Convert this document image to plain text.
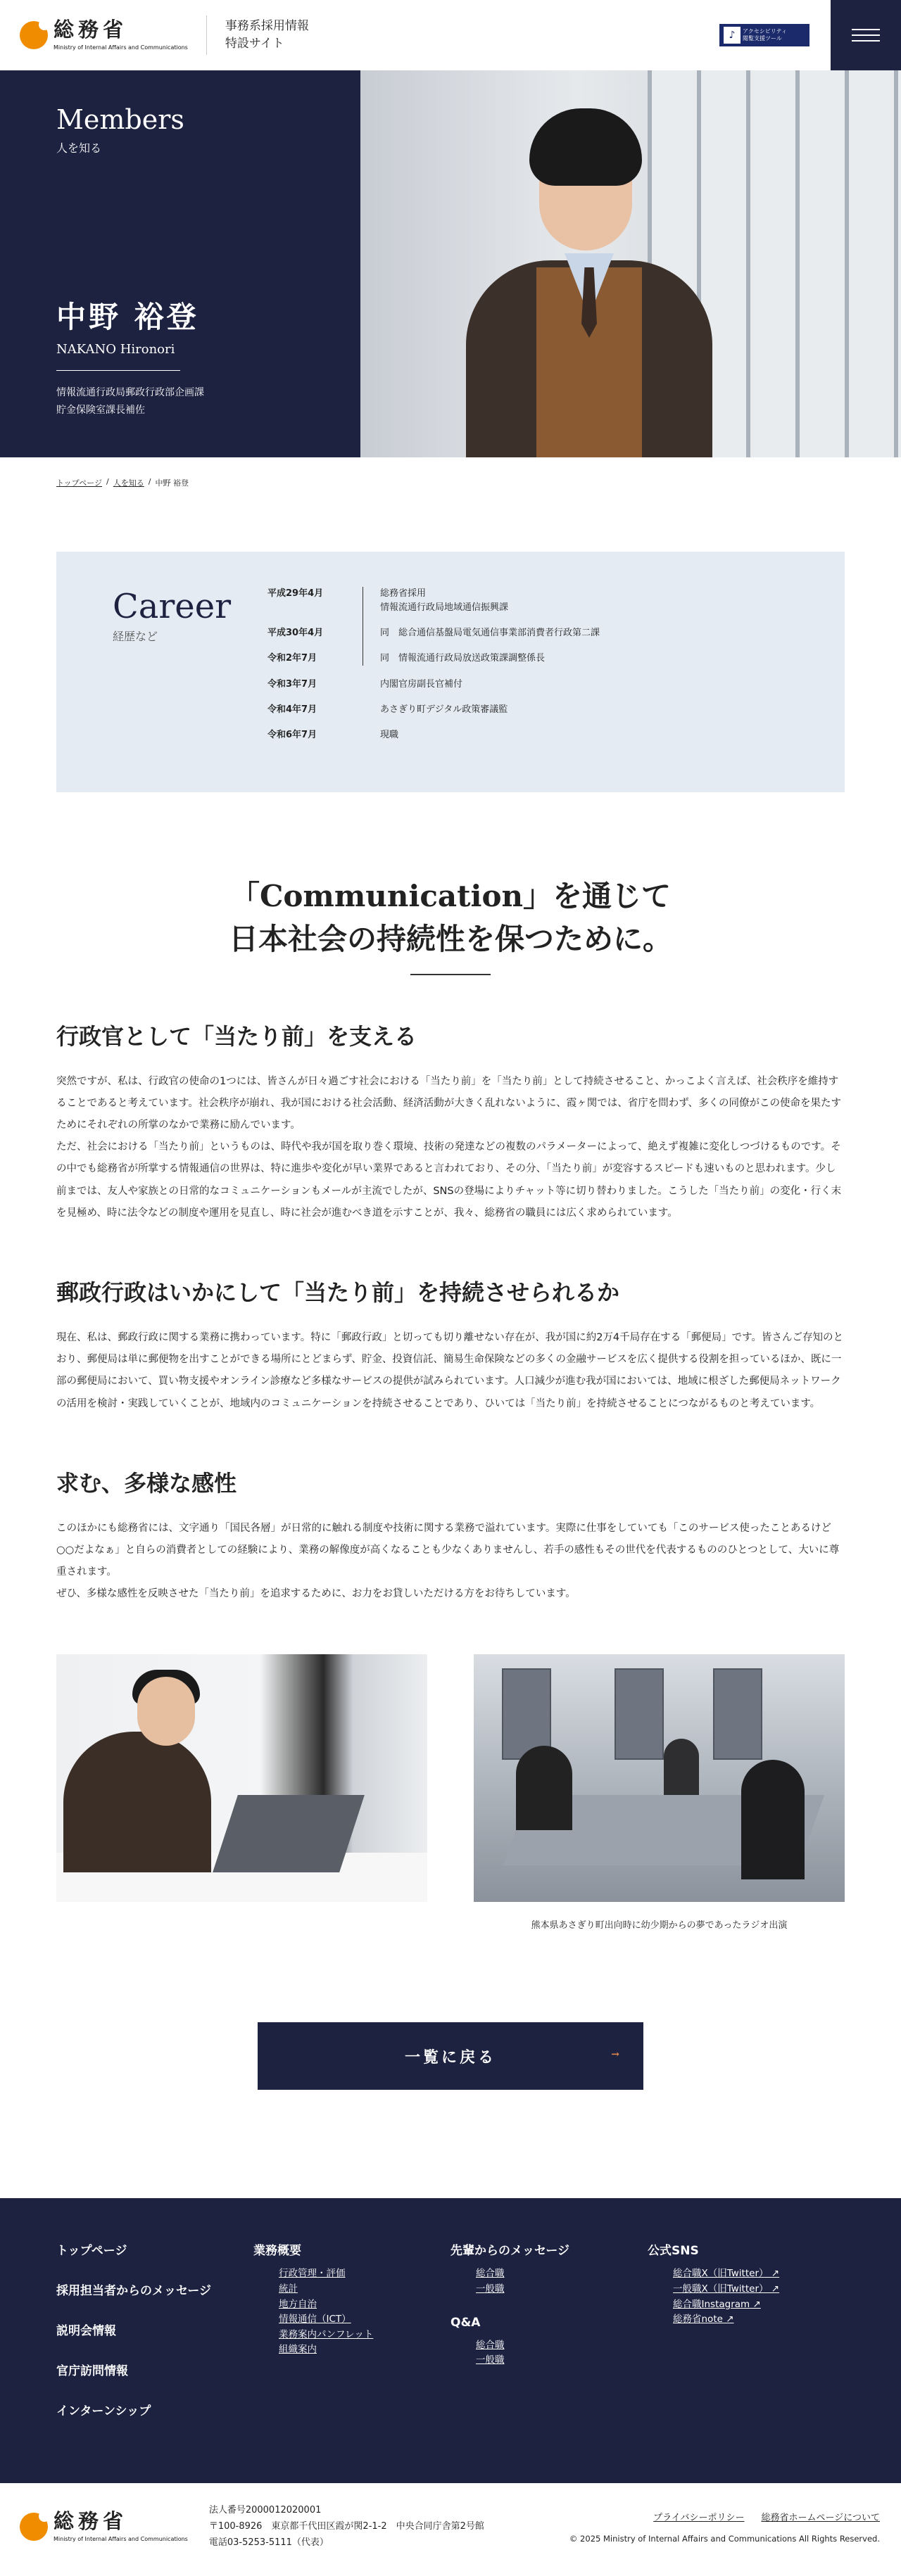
総務省
Ministry of Internal Affairs and Communications
事務系採用情報
特設サイト
♪	アクセシビリティ
閲覧支援ツール
Members
人を知る
中野 裕登
NAKANO Hironori
情報流通行政局郵政行政部企画課
貯金保険室課長補佐
トップページ / 人を知る / 中野 裕登
Career
経歴など
平成29年4月	総務省採用
情報流通行政局地域通信振興課
平成30年4月	同　総合通信基盤局電気通信事業部消費者行政第二課
令和2年7月	同　情報流通行政局放送政策課調整係長
令和3年7月	内閣官房副長官補付
令和4年7月	あさぎり町デジタル政策審議監
令和6年7月	現職
「Communication」を通じて
日本社会の持続性を保つために。
行政官として「当たり前」を支える

突然ですが、私は、行政官の使命の1つには、皆さんが日々過ごす社会における「当たり前」を「当たり前」として持続させること、かっこよく言えば、社会秩序を維持することであると考えています。社会秩序が崩れ、我が国における社会活動、経済活動が大きく乱れないように、霞ヶ関では、省庁を問わず、多くの同僚がこの使命を果たすためにそれぞれの所掌のなかで業務に励んでいます。
ただ、社会における「当たり前」というものは、時代や我が国を取り巻く環境、技術の発達などの複数のパラメーターによって、絶えず複雑に変化しつづけるものです。その中でも総務省が所掌する情報通信の世界は、特に進歩や変化が早い業界であると言われており、その分、「当たり前」が変容するスピードも速いものと思われます。少し前までは、友人や家族との日常的なコミュニケーションもメールが主流でしたが、SNSの登場によりチャット等に切り替わりました。こうした「当たり前」の変化・行く末を見極め、時に法令などの制度や運用を見直し、時に社会が進むべき道を示すことが、我々、総務省の職員には広く求められています。

郵政行政はいかにして「当たり前」を持続させられるか

現在、私は、郵政行政に関する業務に携わっています。特に「郵政行政」と切っても切り離せない存在が、我が国に約2万4千局存在する「郵便局」です。皆さんご存知のとおり、郵便局は単に郵便物を出すことができる場所にとどまらず、貯金、投資信託、簡易生命保険などの多くの金融サービスを広く提供する役割を担っているほか、既に一部の郵便局において、買い物支援やオンライン診療など多様なサービスの提供が試みられています。人口減少が進む我が国においては、地域に根ざした郵便局ネットワークの活用を検討・実践していくことが、地域内のコミュニケーションを持続させることであり、ひいては「当たり前」を持続させることにつながるものと考えています。

求む、多様な感性

このほかにも総務省には、文字通り「国民各層」が日常的に触れる制度や技術に関する業務で溢れています。実際に仕事をしていても「このサービス使ったことあるけど○○だよなぁ」と自らの消費者としての経験により、業務の解像度が高くなることも少なくありませんし、若手の感性もその世代を代表するもののひとつとして、大いに尊重されます。
ぜひ、多様な感性を反映させた「当たり前」を追求するために、お力をお貸しいただける方をお待ちしています。

熊本県あさぎり町出向時に幼少期からの夢であったラジオ出演
一覧に戻る	→
トップページ
採用担当者からのメッセージ
説明会情報
官庁訪問情報
インターンシップ
業務概要
行政管理・評価
統計
地方自治
情報通信（ICT）
業務案内パンフレット
組織案内
先輩からのメッセージ
総合職
一般職
Q&A
総合職
一般職
公式SNS
総合職X（旧Twitter） ↗
一般職X（旧Twitter） ↗
総合職Instagram ↗
総務省note ↗
総務省
Ministry of Internal Affairs and Communications
法人番号2000012020001
〒100-8926　東京都千代田区霞が関2-1-2　中央合同庁舎第2号館
電話03-5253-5111（代表）
プライバシーポリシー 総務省ホームページについて
© 2025 Ministry of Internal Affairs and Communications All Rights Reserved.
